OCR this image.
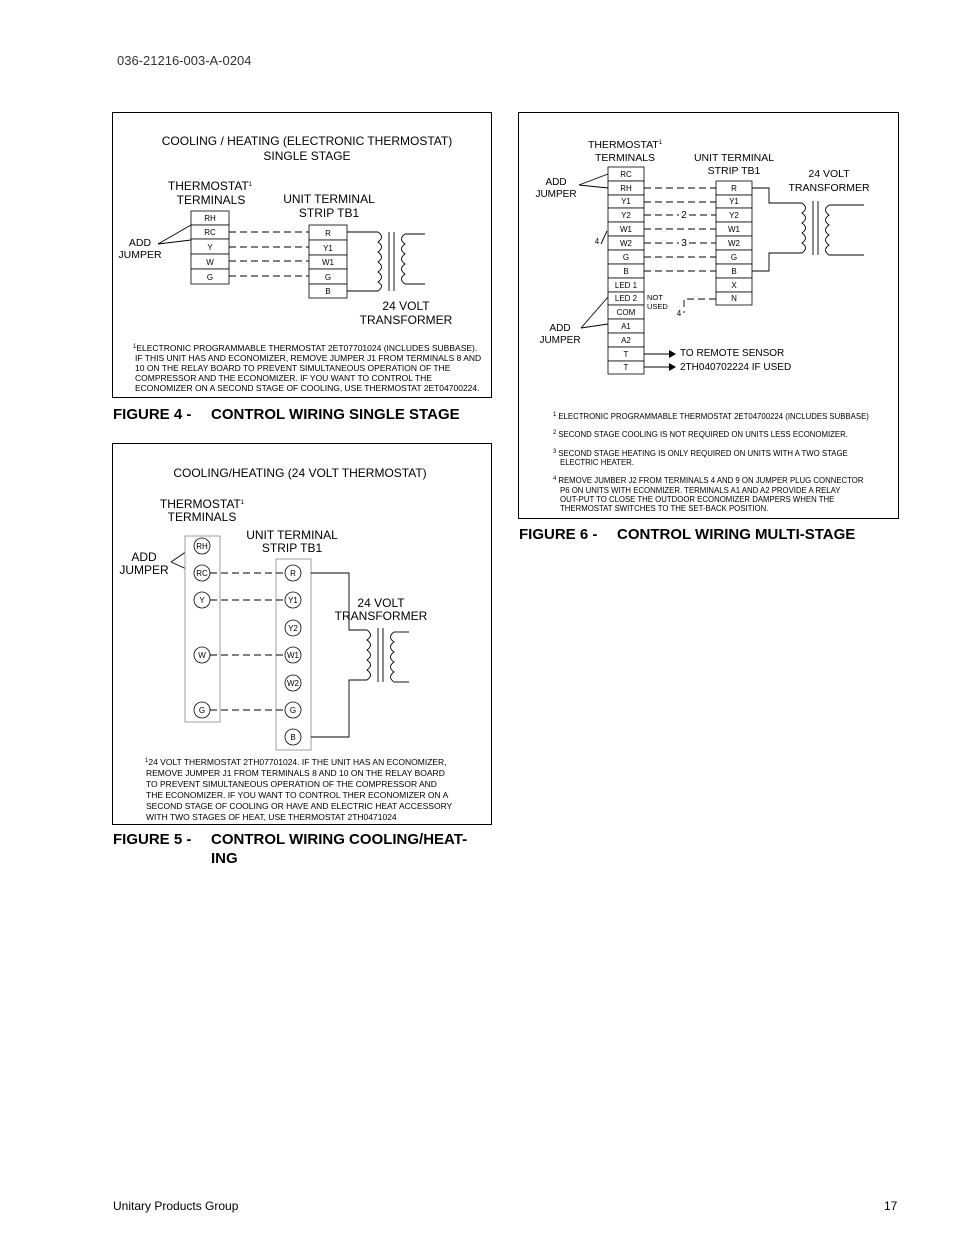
036-21216-003-A-0204
COOLING / HEATING (ELECTRONIC THERMOSTAT)
SINGLE STAGE
THERMOSTAT$^1$
TERMINALS	UNIT TERMINAL
STRIP TB1
ADD
JUMPER
RH
RC
Y
W
G
R
Y1
W1
G
B
24 VOLT
TRANSFORMER
$^1$ELECTRONIC PROGRAMMABLE THERMOSTAT 2ET07701024 (INCLUDES SUBBASE).
IF THIS UNIT HAS AND ECONOMIZER, REMOVE JUMPER J1 FROM TERMINALS 8 AND
10 ON THE RELAY BOARD TO PREVENT SIMULTANEOUS OPERATION OF THE
COMPRESSOR AND THE ECONOMIZER. IF YOU WANT TO CONTROL THE
ECONOMIZER ON A SECOND STAGE OF COOLING, USE THERMOSTAT 2ET04700224.
FIGURE 4 - CONTROL WIRING SINGLE STAGE
COOLING/HEATING (24 VOLT THERMOSTAT)
THERMOSTAT$^1$
TERMINALS
UNIT TERMINAL
STRIP TB1
ADD
JUMPER
RH
RC
Y
W
G
R
Y1
Y2
W1
W2
G
B
24 VOLT
TRANSFORMER
$^1$24 VOLT THERMOSTAT 2TH07701024. IF THE UNIT HAS AN ECONOMIZER,
REMOVE JUMPER J1 FROM TERMINALS 8 AND 10 ON THE RELAY BOARD
TO PREVENT SIMULTANEOUS OPERATION OF THE COMPRESSOR AND
THE ECONOMIZER. IF YOU WANT TO CONTROL THER ECONOMIZER ON A
SECOND STAGE OF COOLING OR HAVE AND ELECTRIC HEAT ACCESSORY
WITH TWO STAGES OF HEAT, USE THERMOSTAT 2TH0471024
FIGURE 5 - CONTROL WIRING COOLING/HEAT-
ING
THERMOSTAT$^1$
TERMINALS	UNIT TERMINAL
STRIP TB1	24 VOLT
TRANSFORMER
ADD
JUMPER
ADD
JUMPER
4
RC
RH
Y1
Y2
W1
W2
G
B
LED 1
LED 2
COM
A1
A2
T
T
R
Y1
Y2
W1
W2
G
B
X
N
2
3
NOT
USED
4
TO REMOTE SENSOR
2TH040702224 IF USED
$^1$ ELECTRONIC PROGRAMMABLE THERMOSTAT 2ET04700224 (INCLUDES SUBBASE)
$^2$ SECOND STAGE COOLING IS NOT REQUIRED ON UNITS LESS ECONOMIZER.
$^3$ SECOND STAGE HEATING IS ONLY REQUIRED ON UNITS WITH A TWO STAGE
ELECTRIC HEATER.
$^4$ REMOVE JUMBER J2 FROM TERMINALS 4 AND 9 ON JUMPER PLUG CONNECTOR
P6 ON UNITS WITH ECONMIZER. TERMINALS A1 AND A2 PROVIDE A RELAY
OUT-PUT TO CLOSE THE OUTDOOR ECONOMIZER DAMPERS WHEN THE
THERMOSTAT SWITCHES TO THE SET-BACK POSITION.
FIGURE 6 - CONTROL WIRING MULTI-STAGE
Unitary Products Group	17
